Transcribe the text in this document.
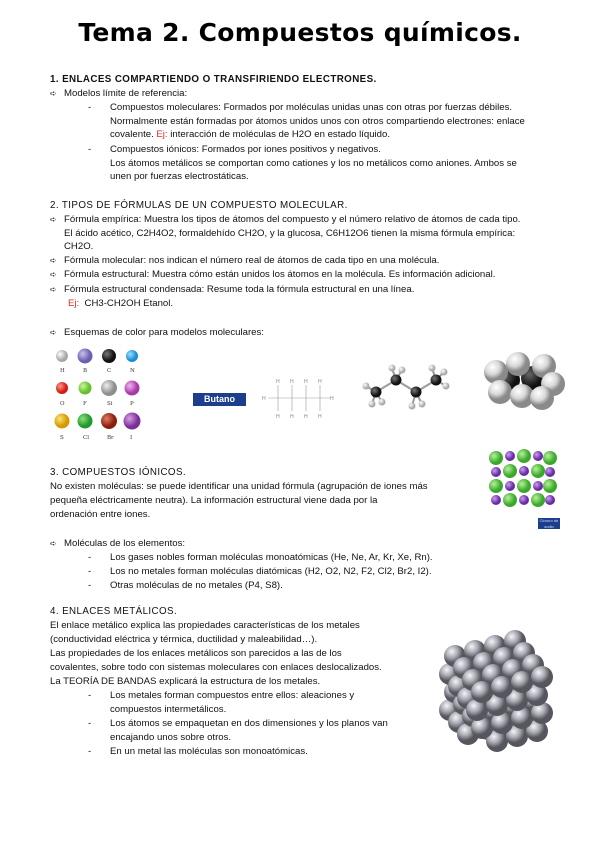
Tema 2. Compuestos químicos.
1. ENLACES COMPARTIENDO O TRANSFIRIENDO ELECTRONES.
➪ Modelos límite de referencia:
- Compuestos moleculares: Formados por moléculas unidas unas con otras por fuerzas débiles.
Normalmente están formadas por átomos unidos unos con otros compartiendo electrones: enlace
covalente. Ej: interacción de moléculas de H2O en estado líquido.
- Compuestos iónicos: Formados por iones positivos y negativos.
Los átomos metálicos se comportan como cationes y los no metálicos como aniones. Ambos se
unen por fuerzas electrostáticas.
2. TIPOS DE FÓRMULAS DE UN COMPUESTO MOLECULAR.
➪ Fórmula empírica: Muestra los tipos de átomos del compuesto y el número relativo de átomos de cada tipo.
El ácido acético, C2H4O2, formaldehído CH2O, y la glucosa, C6H12O6 tienen la misma fórmula empírica:
CH2O.
➪ Fórmula molecular: nos indican el número real de átomos de cada tipo en una molécula.
➪ Fórmula estructural: Muestra cómo están unidos los átomos en la molécula. Es información adicional.
➪ Fórmula estructural condensada: Resume toda la fórmula estructural en una línea.
Ej: CH3-CH2OH Etanol.
➪ Esquemas de color para modelos moleculares:
H	B	C	N
O	F	Si	P
S	Cl	Br	I
Butano
H H H H
H H H H
H	H
3. COMPUESTOS IÓNICOS.
No existen moléculas: se puede identificar una unidad fórmula (agrupación de iones más
pequeña eléctricamente neutra). La información estructural viene dada por la
ordenación entre iones.
➪ Moléculas de los elementos:
- Los gases nobles forman moléculas monoatómicas (He, Ne, Ar, Kr, Xe, Rn).
- Los no metales forman moléculas diatómicas (H2, O2, N2, F2, Cl2, Br2, I2).
- Otras moléculas de no metales (P4, S8).
Cloruro de sodio
4. ENLACES METÁLICOS.
El enlace metálico explica las propiedades características de los metales
(conductividad eléctrica y térmica, ductilidad y maleabilidad…).
Las propiedades de los enlaces metálicos son parecidos a las de los
covalentes, sobre todo con sistemas moleculares con enlaces deslocalizados.
La TEORÍA DE BANDAS explicará la estructura de los metales.
- Los metales forman compuestos entre ellos: aleaciones y
compuestos intermetálicos.
- Los átomos se empaquetan en dos dimensiones y los planos van
encajando unos sobre otros.
- En un metal las moléculas son monoatómicas.
